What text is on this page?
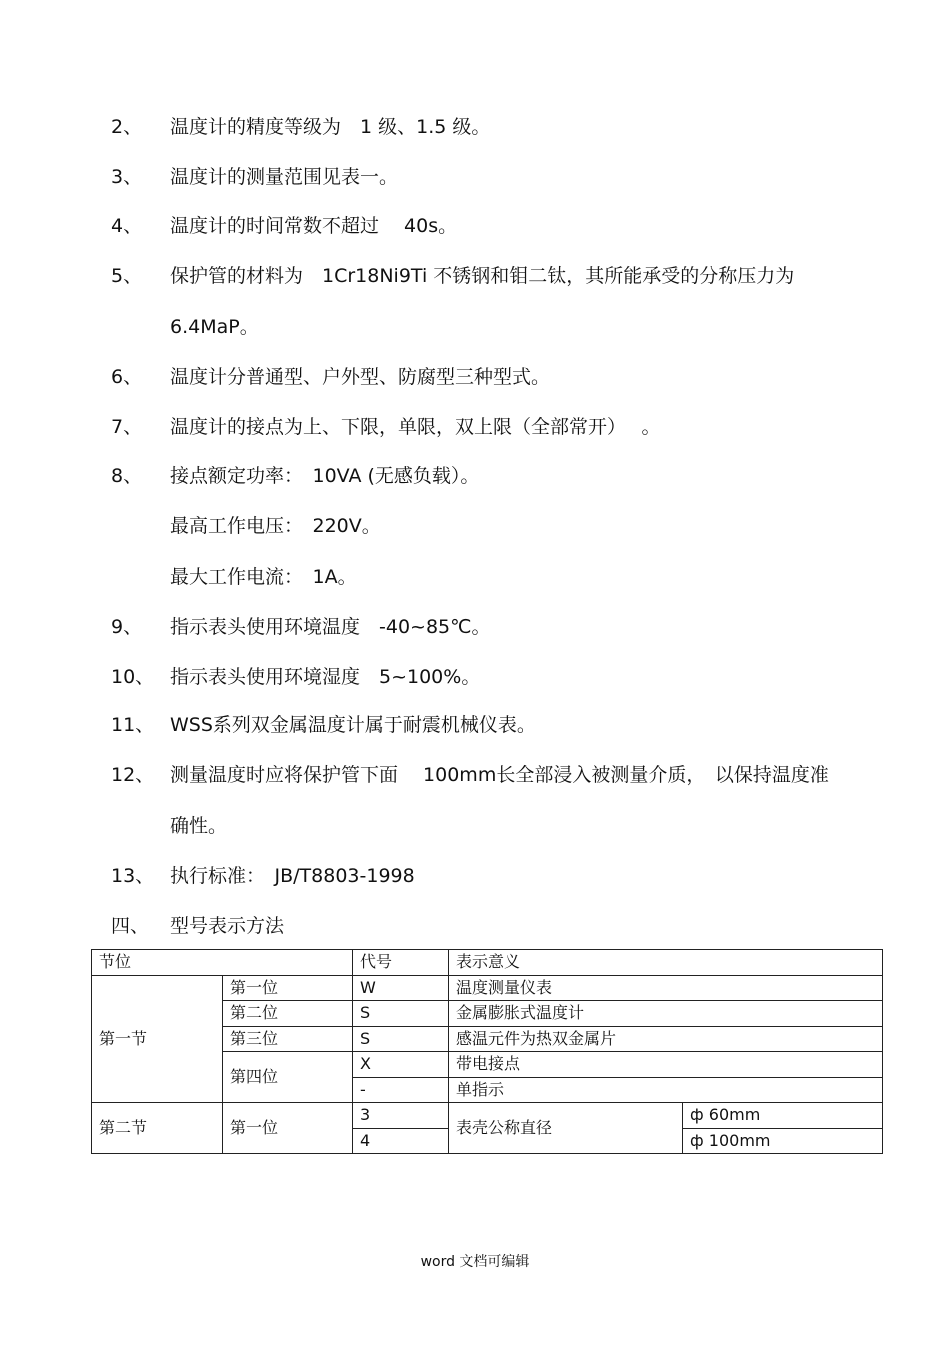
2、 温度计的精度等级为　1 级、1.5 级。
3、 温度计的测量范围见表一。
4、 温度计的时间常数不超过　 40s。
5、 保护管的材料为　1Cr18Ni9Ti 不锈钢和钼二钛，其所能承受的分称压力为
6.4MaP。
6、 温度计分普通型、户外型、防腐型三种型式。
7、 温度计的接点为上、下限，单限，双上限（全部常开）　 。
8、 接点额定功率：　10VA (无感负载）。
最高工作电压：　220V。
最大工作电流：　1A。
9、 指示表头使用环境温度　-40~85℃。
10、 指示表头使用环境湿度　5~100%。
11、 WSS系列双金属温度计属于耐震机械仪表。
12、 测量温度时应将保护管下面　 100mm长全部浸入被测量介质，　以保持温度准
确性。
13、 执行标准：　JB/T8803-1998
四、 型号表示方法
节位		代号	表示意义	
第一节	第一位	W	温度测量仪表	
	第二位	S	金属膨胀式温度计	
	第三位	S	感温元件为热双金属片	
	第四位	X	带电接点	
		-	单指示	
第二节	第一位	3	表壳公称直径	ф 60mm
		4		ф 100mm
word 文档可编辑
